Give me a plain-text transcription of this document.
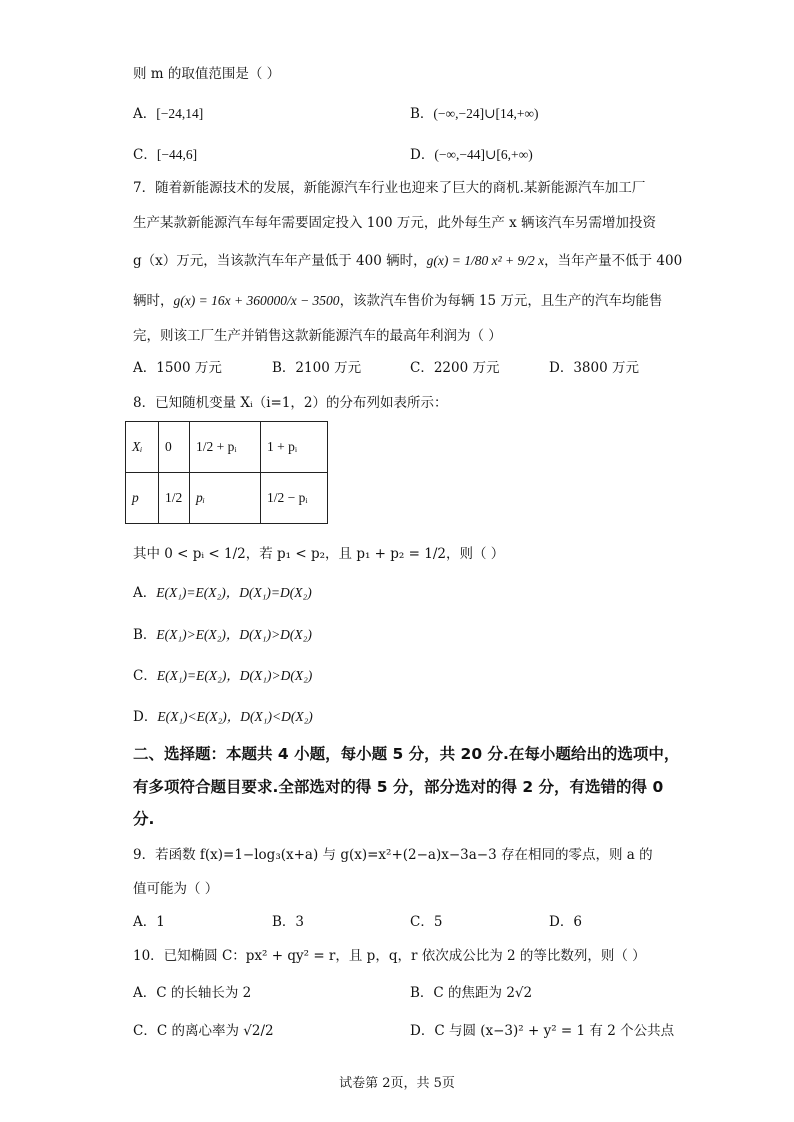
则 m 的取值范围是（ ）
A．[−24,14]	B．(−∞,−24]∪[14,+∞)
C．[−44,6]	D．(−∞,−44]∪[6,+∞)
7．随着新能源技术的发展，新能源汽车行业也迎来了巨大的商机.某新能源汽车加工厂
生产某款新能源汽车每年需要固定投入 100 万元，此外每生产 x 辆该汽车另需增加投资
g（x）万元，当该款汽车年产量低于 400 辆时，g(x) = 1/80 x² + 9/2 x，当年产量不低于 400
辆时，g(x) = 16x + 360000/x − 3500，该款汽车售价为每辆 15 万元，且生产的汽车均能售
完，则该工厂生产并销售这款新能源汽车的最高年利润为（ ）
A．1500 万元	B．2100 万元	C．2200 万元	D．3800 万元
8．已知随机变量 Xᵢ（i=1，2）的分布列如表所示：
Xᵢ	0	1/2 + pᵢ	1 + pᵢ
p	1/2	pᵢ	1/2 − pᵢ
其中 0 < pᵢ < 1/2，若 p₁ < p₂，且 p₁ + p₂ = 1/2，则（ ）
A．E(X₁)=E(X₂)，D(X₁)=D(X₂)
B．E(X₁)>E(X₂)，D(X₁)>D(X₂)
C．E(X₁)=E(X₂)，D(X₁)>D(X₂)
D．E(X₁)<E(X₂)，D(X₁)<D(X₂)
二、选择题：本题共 4 小题，每小题 5 分，共 20 分.在每小题给出的选项中，
有多项符合题目要求.全部选对的得 5 分，部分选对的得 2 分，有选错的得 0
分.
9．若函数 f(x)=1−log₃(x+a) 与 g(x)=x²+(2−a)x−3a−3 存在相同的零点，则 a 的
值可能为（ ）
A．1	B．3	C．5	D．6
10．已知椭圆 C：px² + qy² = r，且 p，q，r 依次成公比为 2 的等比数列，则（ ）
A．C 的长轴长为 2	B．C 的焦距为 2√2
C．C 的离心率为 √2/2	D．C 与圆 (x−3)² + y² = 1 有 2 个公共点
试卷第 2页，共 5页
